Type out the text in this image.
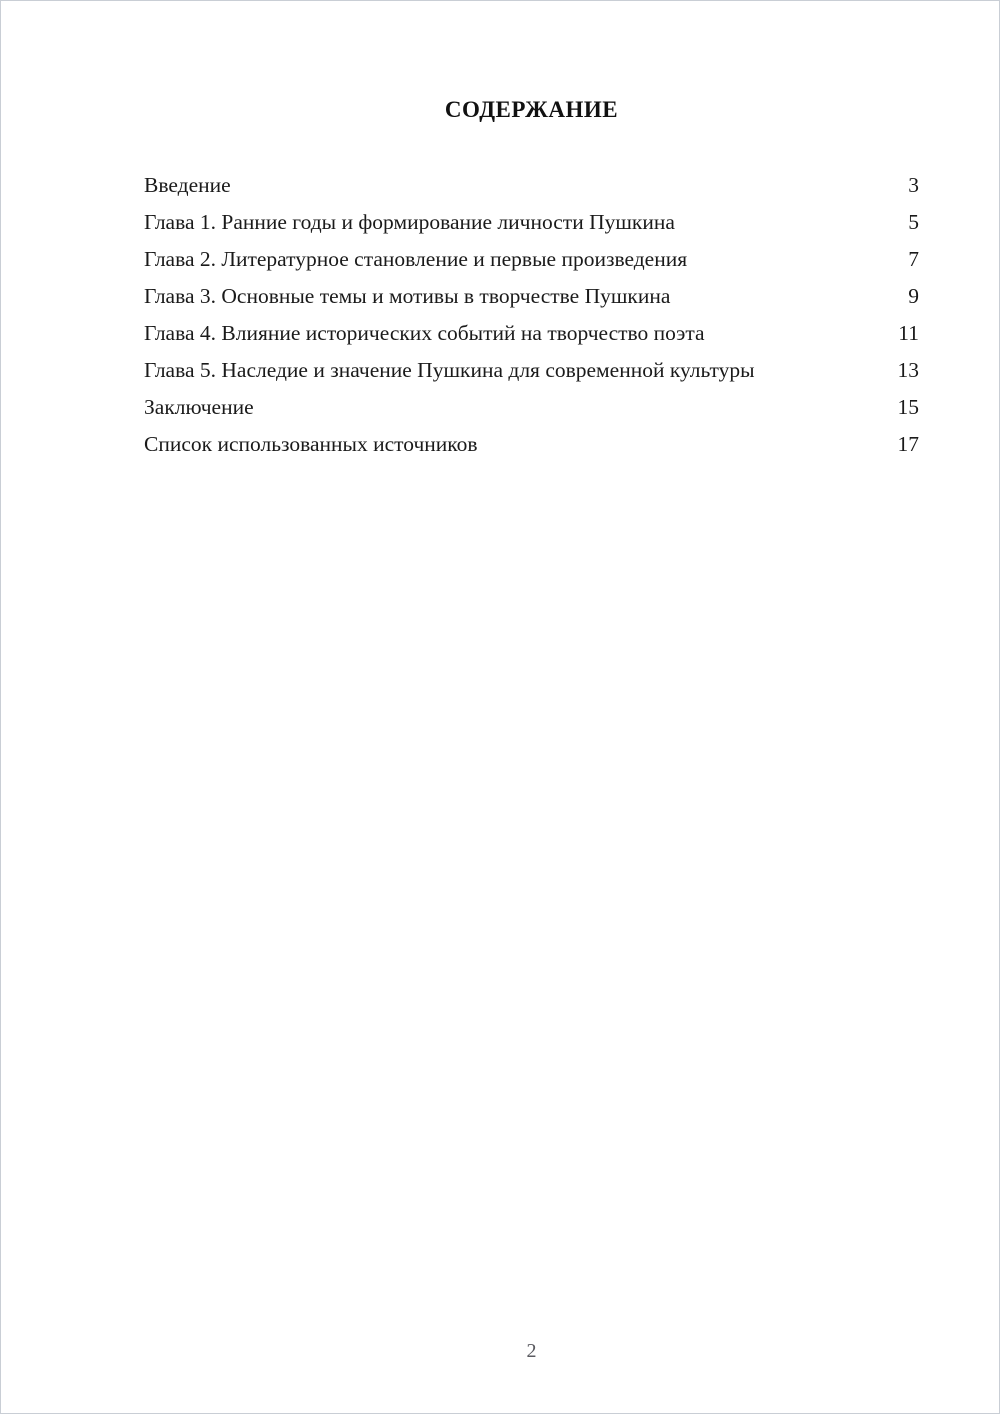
СОДЕРЖАНИЕ
Введение	3
Глава 1. Ранние годы и формирование личности Пушкина	5
Глава 2. Литературное становление и первые произведения	7
Глава 3. Основные темы и мотивы в творчестве Пушкина	9
Глава 4. Влияние исторических событий на творчество поэта	11
Глава 5. Наследие и значение Пушкина для современной культуры	13
Заключение	15
Список использованных источников	17
2
